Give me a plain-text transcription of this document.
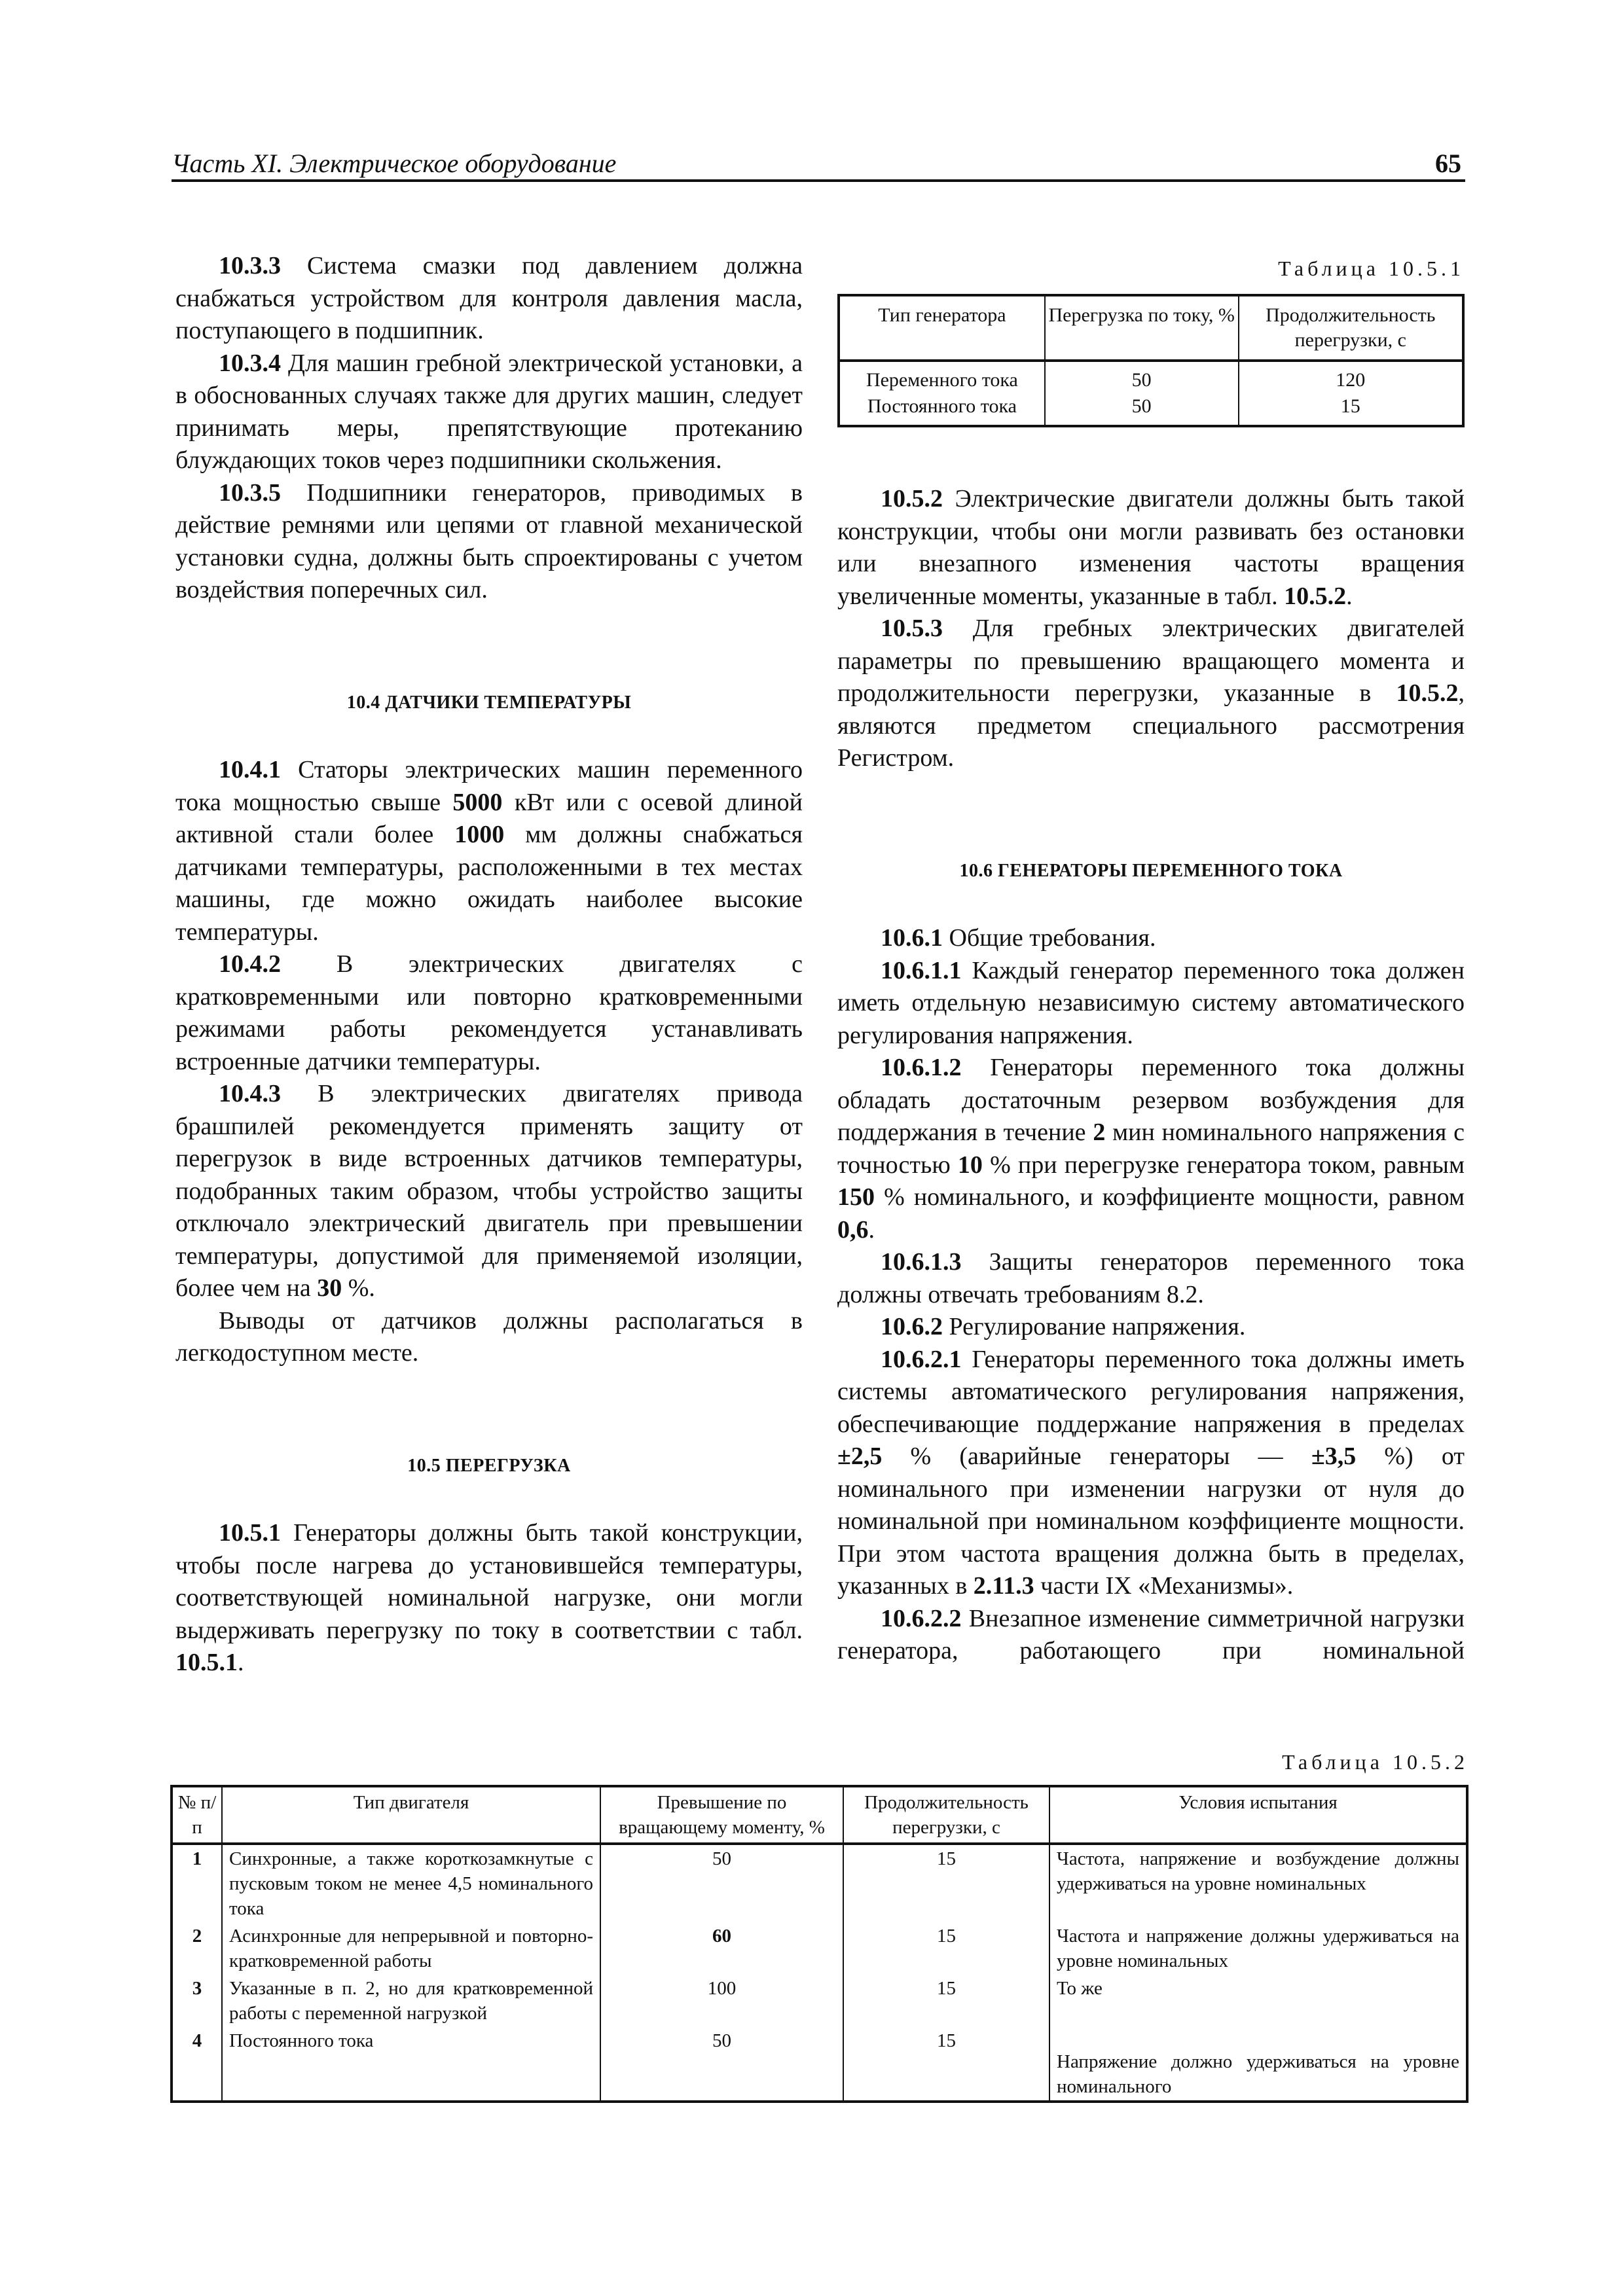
Часть XI. Электрическое оборудование	65

10.3.3 Система смазки под давлением должна снабжаться устройством для контроля давления масла, поступающего в подшипник.

10.3.4 Для машин гребной электрической установки, а в обоснованных случаях также для других машин, следует принимать меры, препятствующие протеканию блуждающих токов через подшипники скольжения.

10.3.5 Подшипники генераторов, приводимых в действие ремнями или цепями от главной механической установки судна, должны быть спроектированы с учетом воздействия поперечных сил.

10.4 ДАТЧИКИ ТЕМПЕРАТУРЫ

10.4.1 Статоры электрических машин переменного тока мощностью свыше 5000 кВт или с осевой длиной активной стали более 1000 мм должны снабжаться датчиками температуры, расположенными в тех местах машины, где можно ожидать наиболее высокие температуры.

10.4.2 В электрических двигателях с кратковременными или повторно кратковременными режимами работы рекомендуется устанавливать встроенные датчики температуры.

10.4.3 В электрических двигателях привода брашпилей рекомендуется применять защиту от перегрузок в виде встроенных датчиков температуры, подобранных таким образом, чтобы устройство защиты отключало электрический двигатель при превышении температуры, допустимой для применяемой изоляции, более чем на 30 %.

Выводы от датчиков должны располагаться в легкодоступном месте.

10.5 ПЕРЕГРУЗКА

10.5.1 Генераторы должны быть такой конструкции, чтобы после нагрева до установившейся температуры, соответствующей номинальной нагрузке, они могли выдерживать перегрузку по току в соответствии с табл. 10.5.1.

Таблица 10.5.1
Тип генератора	Перегрузка по току, %	Продолжительность перегрузки, с
Переменного тока	50	120
Постоянного тока	50	15

10.5.2 Электрические двигатели должны быть такой конструкции, чтобы они могли развивать без остановки или внезапного изменения частоты вращения увеличенные моменты, указанные в табл. 10.5.2.

10.5.3 Для гребных электрических двигателей параметры по превышению вращающего момента и продолжительности перегрузки, указанные в 10.5.2, являются предметом специального рассмотрения Регистром.

10.6 ГЕНЕРАТОРЫ ПЕРЕМЕННОГО ТОКА

10.6.1 Общие требования.

10.6.1.1 Каждый генератор переменного тока должен иметь отдельную независимую систему автоматического регулирования напряжения.

10.6.1.2 Генераторы переменного тока должны обладать достаточным резервом возбуждения для поддержания в течение 2 мин номинального напряжения с точностью 10 % при перегрузке генератора током, равным 150 % номинального, и коэффициенте мощности, равном 0,6.

10.6.1.3 Защиты генераторов переменного тока должны отвечать требованиям 8.2.

10.6.2 Регулирование напряжения.

10.6.2.1 Генераторы переменного тока должны иметь системы автоматического регулирования напряжения, обеспечивающие поддержание напряжения в пределах ±2,5 % (аварийные генераторы — ±3,5 %) от номинального при изменении нагрузки от нуля до номинальной при номинальном коэффициенте мощности. При этом частота вращения должна быть в пределах, указанных в 2.11.3 части IX «Механизмы».

10.6.2.2 Внезапное изменение симметричной нагрузки генератора, работающего при номинальной

Таблица 10.5.2
№ п/п	Тип двигателя	Превышение по вращающему моменту, %	Продолжительность перегрузки, с	Условия испытания
1	Синхронные, а также короткозамкнутые с пусковым током не менее 4,5 номинального тока	50	15	Частота, напряжение и возбуждение должны удерживаться на уровне номинальных
2	Асинхронные для непрерывной и повторно-кратковременной работы	60	15	Частота и напряжение должны удерживаться на уровне номинальных
3	Указанные в п. 2, но для кратковременной работы с переменной нагрузкой	100	15	То же
4	Постоянного тока	50	15	Напряжение должно удерживаться на уровне номинального
